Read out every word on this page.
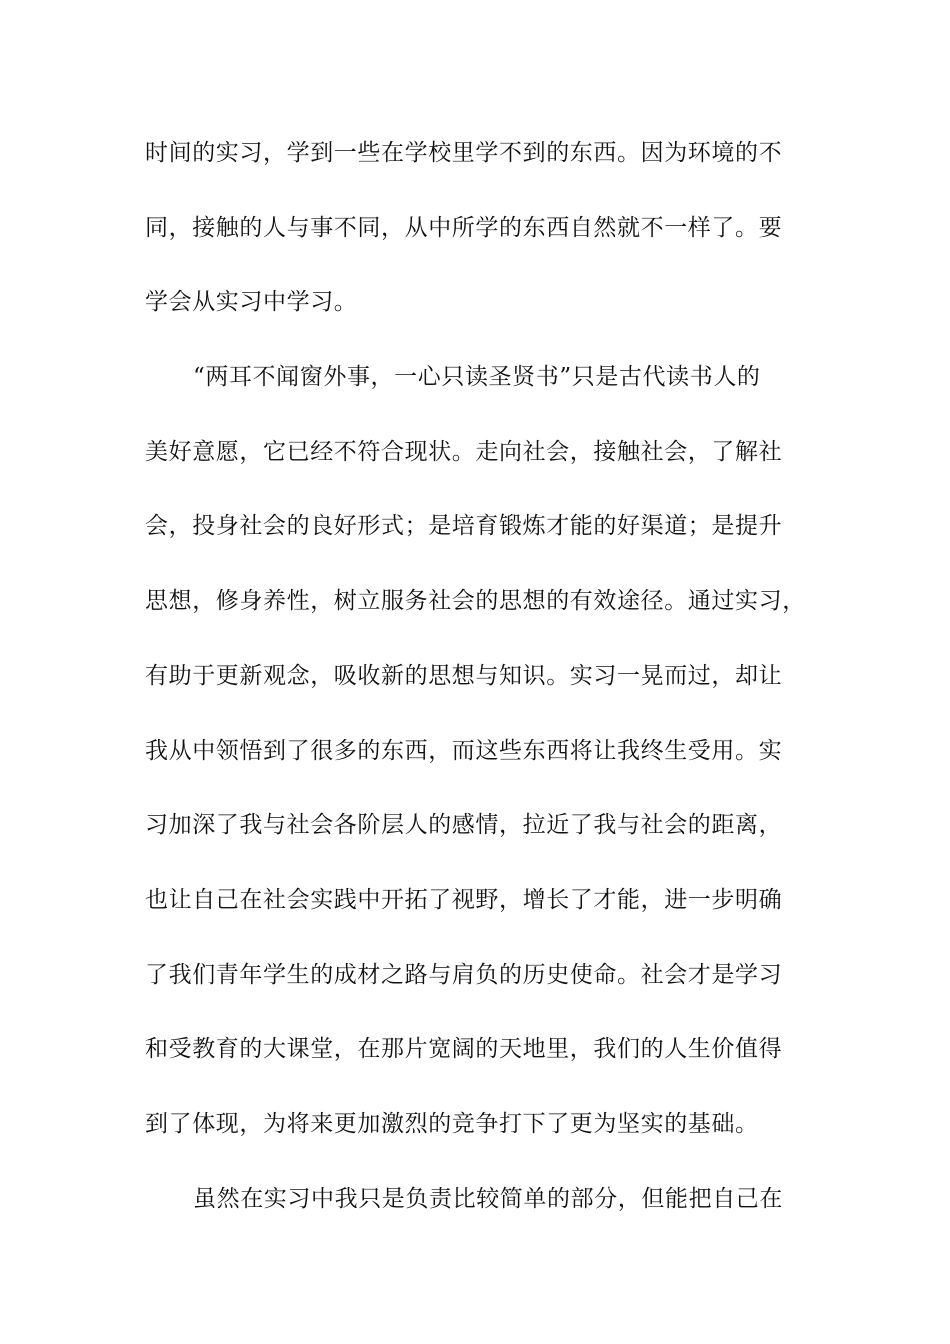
时间的实习，学到一些在学校里学不到的东西。因为环境的不
同，接触的人与事不同，从中所学的东西自然就不一样了。要
学会从实习中学习。
“两耳不闻窗外事，一心只读圣贤书”只是古代读书人的
美好意愿，它已经不符合现状。走向社会，接触社会，了解社
会，投身社会的良好形式；是培育锻炼才能的好渠道；是提升
思想，修身养性，树立服务社会的思想的有效途径。通过实习，
有助于更新观念，吸收新的思想与知识。实习一晃而过，却让
我从中领悟到了很多的东西，而这些东西将让我终生受用。实
习加深了我与社会各阶层人的感情，拉近了我与社会的距离，
也让自己在社会实践中开拓了视野，增长了才能，进一步明确
了我们青年学生的成材之路与肩负的历史使命。社会才是学习
和受教育的大课堂，在那片宽阔的天地里，我们的人生价值得
到了体现，为将来更加激烈的竞争打下了更为坚实的基础。
虽然在实习中我只是负责比较简单的部分，但能把自己在
